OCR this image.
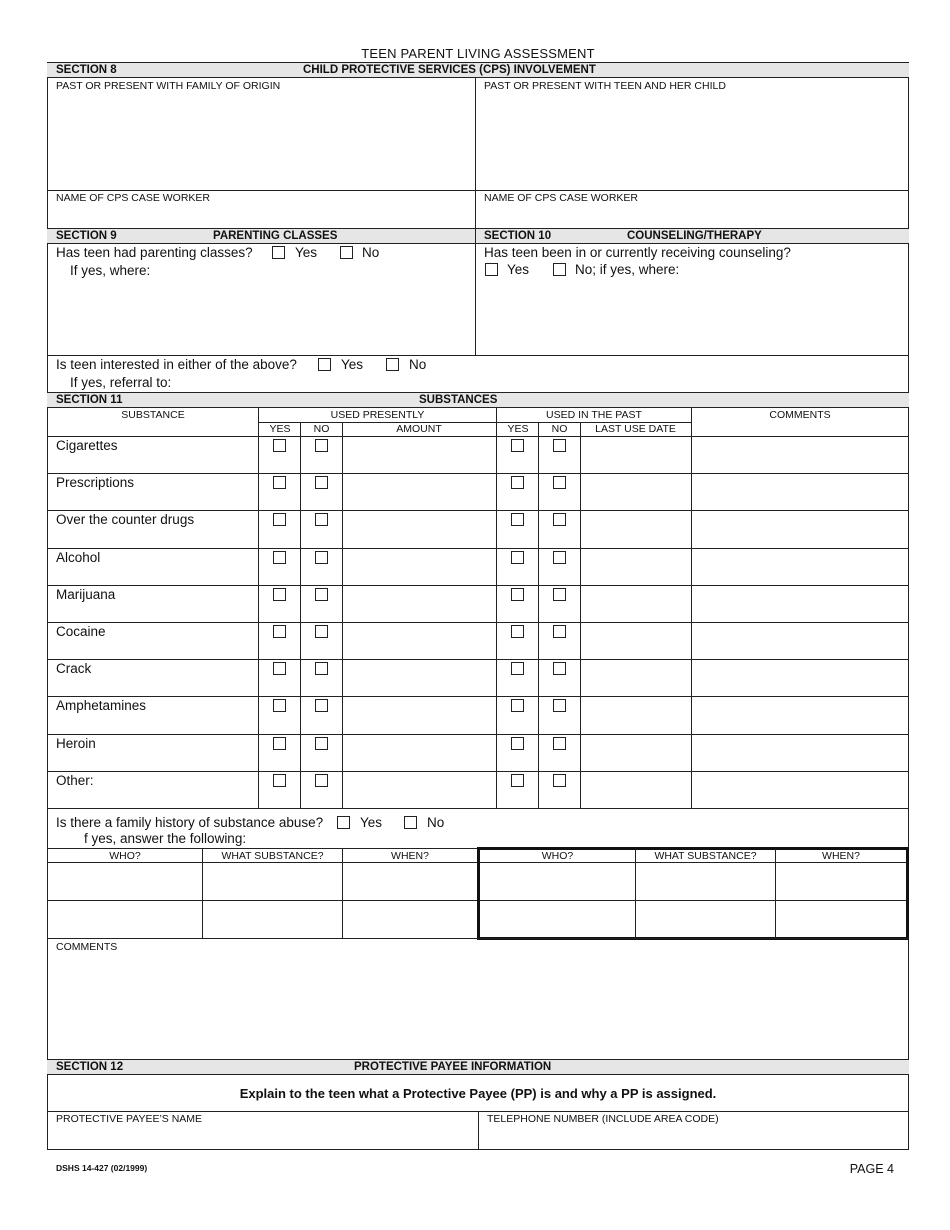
TEEN PARENT LIVING ASSESSMENT
SECTION 8	CHILD PROTECTIVE SERVICES (CPS) INVOLVEMENT
PAST OR PRESENT WITH FAMILY OF ORIGIN	PAST OR PRESENT WITH TEEN AND HER CHILD
NAME OF CPS CASE WORKER	NAME OF CPS CASE WORKER
SECTION 9	PARENTING CLASSES	SECTION 10	COUNSELING/THERAPY
Has teen had parenting classes?	Yes	No
If yes, where:
Has teen been in or currently receiving counseling?
Yes	No; if yes, where:
Is teen interested in either of the above?	Yes	No
If yes, referral to:
SECTION 11	SUBSTANCES
SUBSTANCE	USED PRESENTLY	USED IN THE PAST	COMMENTS
YES	NO	AMOUNT	YES	NO	LAST USE DATE
Cigarettes
Prescriptions
Over the counter drugs
Alcohol
Marijuana
Cocaine
Crack
Amphetamines
Heroin
Other:
Is there a family history of substance abuse?	Yes	No
f yes, answer the following:
WHO?	WHAT SUBSTANCE?	WHEN?	WHO?	WHAT SUBSTANCE?	WHEN?
COMMENTS
SECTION 12	PROTECTIVE PAYEE INFORMATION
Explain to the teen what a Protective Payee (PP) is and why a PP is assigned.
PROTECTIVE PAYEE’S NAME	TELEPHONE NUMBER (INCLUDE AREA CODE)
DSHS 14-427 (02/1999)	PAGE 4
